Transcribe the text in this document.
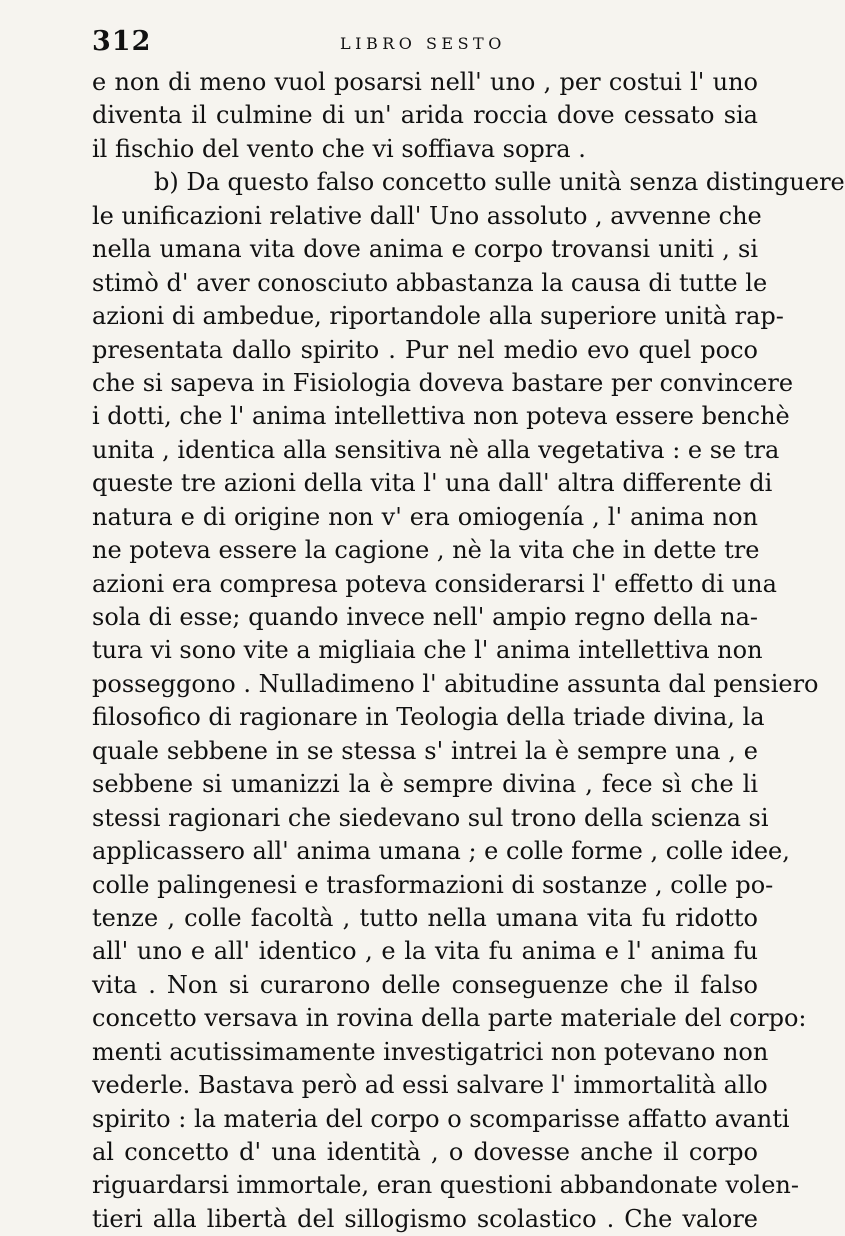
312	LIBRO SESTO
e non di meno vuol posarsi nell' uno , per costui l' uno
diventa il culmine di un' arida roccia dove cessato sia
il fischio del vento che vi soffiava sopra .
b) Da questo falso concetto sulle unità senza distinguere
le unificazioni relative dall' Uno assoluto , avvenne che
nella umana vita dove anima e corpo trovansi uniti , si
stimò d' aver conosciuto abbastanza la causa di tutte le
azioni di ambedue, riportandole alla superiore unità rap-
presentata dallo spirito . Pur nel medio evo quel poco
che si sapeva in Fisiologia doveva bastare per convincere
i dotti, che l' anima intellettiva non poteva essere benchè
unita , identica alla sensitiva nè alla vegetativa : e se tra
queste tre azioni della vita l' una dall' altra differente di
natura e di origine non v' era omiogenía , l' anima non
ne poteva essere la cagione , nè la vita che in dette tre
azioni era compresa poteva considerarsi l' effetto di una
sola di esse; quando invece nell' ampio regno della na-
tura vi sono vite a migliaia che l' anima intellettiva non
posseggono . Nulladimeno l' abitudine assunta dal pensiero
filosofico di ragionare in Teologia della triade divina, la
quale sebbene in se stessa s' intrei la è sempre una , e
sebbene si umanizzi la è sempre divina , fece sì che li
stessi ragionari che siedevano sul trono della scienza si
applicassero all' anima umana ; e colle forme , colle idee,
colle palingenesi e trasformazioni di sostanze , colle po-
tenze , colle facoltà , tutto nella umana vita fu ridotto
all' uno e all' identico , e la vita fu anima e l' anima fu
vita . Non si curarono delle conseguenze che il falso
concetto versava in rovina della parte materiale del corpo:
menti acutissimamente investigatrici non potevano non
vederle. Bastava però ad essi salvare l' immortalità allo
spirito : la materia del corpo o scomparisse affatto avanti
al concetto d' una identità , o dovesse anche il corpo
riguardarsi immortale, eran questioni abbandonate volen-
tieri alla libertà del sillogismo scolastico . Che valore
